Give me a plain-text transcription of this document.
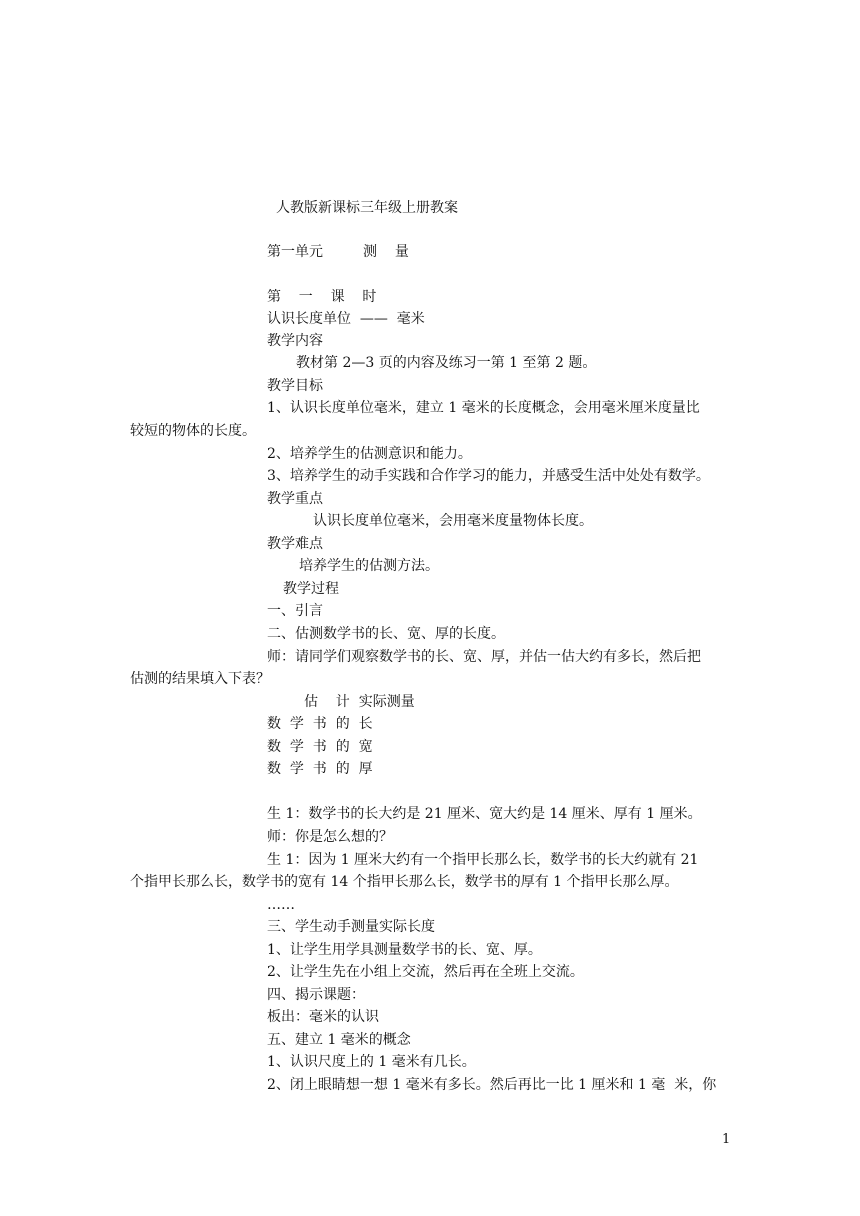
人教版新课标三年级上册教案
第一单元         测    量
第    一    课    时
认识长度单位  ——  毫米
教学内容
教材第 2—3 页的内容及练习一第 1 至第 2 题。
教学目标
1、认识长度单位毫米，建立 1 毫米的长度概念，会用毫米厘米度量比
较短的物体的长度。
2、培养学生的估测意识和能力。
3、培养学生的动手实践和合作学习的能力，并感受生活中处处有数学。
教学重点
认识长度单位毫米，会用毫米度量物体长度。
教学难点
培养学生的估测方法。
教学过程
一、引言
二、估测数学书的长、宽、厚的长度。
师：请同学们观察数学书的长、宽、厚，并估一估大约有多长，然后把
估测的结果填入下表？
估    计  实际测量
数  学  书  的  长
数  学  书  的  宽
数  学  书  的  厚
生 1：数学书的长大约是 21 厘米、宽大约是 14 厘米、厚有 1 厘米。
师：你是怎么想的？
生 1：因为 1 厘米大约有一个指甲长那么长，数学书的长大约就有 21
个指甲长那么长，数学书的宽有 14 个指甲长那么长，数学书的厚有 1 个指甲长那么厚。
……
三、学生动手测量实际长度
1、让学生用学具测量数学书的长、宽、厚。
2、让学生先在小组上交流，然后再在全班上交流。
四、揭示课题：
板出：毫米的认识
五、建立 1 毫米的概念
1、认识尺度上的 1 毫米有几长。
2、闭上眼睛想一想 1 毫米有多长。然后再比一比 1 厘米和 1 毫  米，你
1
